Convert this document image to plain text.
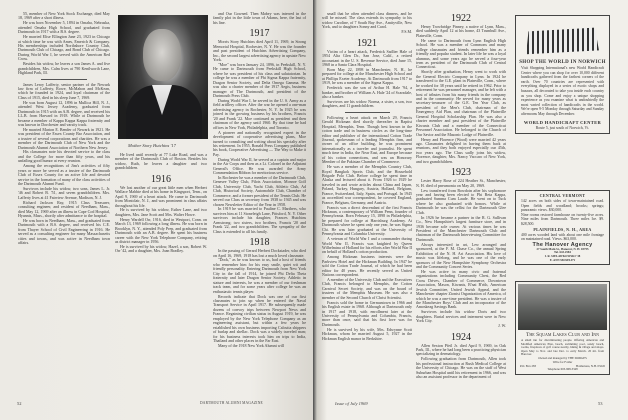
55, member of New York Stock Exchange, died May 18, 1969 after a short illness.

He was born November 5, 1894 in Omaha, Nebraska, attended Omaha High School, and graduated from Dartmouth in 1917 with a B.S. degree.

He married Elise Ellington June 23, 1923 in Chicago at which time he was with Ames, Emerich & Company. His memberships included Northshore Country Club, Dartmouth Club of Chicago, and Bond Club of Chicago. During World War I, he served with the American Red Cross.

Besides his widow, he leaves a son James A. and five grandchildren, Mrs. Calm lives at 790 Kenilworth Lane, Highland Park, Ill.

James Leroy Lafferty, senior partner of the Newark law firm of Lafferty, Rowe, McMahon and McKean, which he founded in 1924, and loyal chairman of the Class of 1915, died in his sleep June 7, 1969.

He was born August 12, 1896 in Mullica Hill, N. J., attended West Jersey Academy, graduated from Dartmouth in 1915 with an A.B. degree, and received his LL.B. from Harvard in 1918. While at Dartmouth he became a member of Kappa Kappa Kappa fraternity and was known in Dorchester and varsity track.

He married Marion E. Bender of Newark in 1921. He was president of the Essex County Bar Association, and a trustee of several corporations and charities. He was a member of the Dartmouth Club of New York and the Dartmouth Alumni Association of Northern New Jersey.

His classmates note his devoted service to the class and the College for more than fifty years, and his unfailing good humor at every reunion.

Among the recognitions of Jim's activities of fifty years or more he served as a trustee of the Dartmouth Club of Essex County for an active life and devoted service in the formation of many of the class activities of the Dartmouth Alumni Fund.

Survivors include his widow, two sons, James L. Jr. '46 and Robert B. '51, and seven grandchildren. Mrs. Lafferty lives at 41 Fairview Avenue, Madison, N. J.

Richard Jackson Ray, 1915 Class Treasurer, consulting engineer, and resident of Needham, Mass., died May 12, 1969 after an illness in Cape Cod Hospital, Hyannis, Mass., shortly after admittance to the hospital.

He was born in Needham, Mass., and graduated from Dartmouth with a B.S. degree, and received his C.E. from Thayer School of Civil Engineering in 1916. He served as a consulting engineer for many Massachusetts cities and towns, and was active in Needham town affairs.

Mother Story Hutchins '17

He lived until recently at 77 Lake Road, and was a member of the Dartmouth Club of Boston. Besides his widow, Ruth, he leaves a daughter and two grandchildren.

1916

We lost another of our great little men when Herbert Wallace Mabbie died at his home in Kingsport, Tenn., on April 9, 1969 of a heart attack. He came to Dartmouth from Montclair, N. J., and was prominent in class affairs throughout his life.

He is survived by his widow, Esther Lane, and two daughters, Mrs. Jane Scott and Mrs. Walter Howe.

Henry Wardell Orr, 1916, died in Westport, Conn. on March 13, 1969 following a long illness. He was born in Brooklyn, N. Y., attended Poly Prep, and graduated from Dartmouth with an A.B. degree. He spent his business career with the New York Telephone Company, retiring as district manager in 1956.

He is survived by his widow, Hazel, a son, Robert W. Orr '42, and a daughter, Mrs. Joan Bradley.

and Our Gowned. Then Mabey was interred in the family plot in the little town of Adams, here, the last of his line.

1917

Morris Story Hutchins died April 11, 1969, in Strong Memorial Hospital, Rochester, N. Y. He was the founder and past president of Hutchins Advertising Company, Inc., the second largest advertising agency in upstate New York.

"Moe" was born January 24, 1896, in Peekskill, N. Y. He came to Dartmouth from Peekskill High School, where he was president of his class and salutatorian. In college he was a member of Phi Sigma Kappa fraternity, Dragon Senior Society, and Delta Omega Gamma. He was also a charter member of the 1917 Aegis, business manager of The Dartmouth, and president of the Dartmouth Press Club.

During World War I, he served in the U. S. Army as a field artillery officer. After the war he opened a one-man advertising agency in Rochester, N. Y. In 1925 he was joined in the growing business by his brothers, Francis '20 and Frank '22. Moe continued as president and then chairman of the agency until 1960. By that time he had offices in New York, Philadelphia, and Toronto.

A pioneer and nationally recognized expert in the development of cooperative advertising plans, Moe turned to consulting and writing about his specialty after his retirement. In 1955, Ronald Press Company published his book, Cooperative Advertising — The Way to Make it Pay.

During World War II, he served as a captain and major in the Air Corps and then as a Lt. Colonel in the Adjutant General's Office. He was awarded the Army Commendation Ribbon for meritorious service.

In Rochester he was a member of the Dartmouth Club, Genesee Valley Club, Pilots Association, Monroe Golf Club, University Club, Yacht Club, Athletic Club, Ad Club, Historical Society, Automobile Club, Chamber of Commerce, and a former president of the Tennis Club. He served our Class as secretary from 1938 to 1945 and was chosen Newsletter Editor of the Year in 1958.

In 1919 he was married to Pauline C. Marthers, who survives him at 11 Stoneleigh Lane, Pittsford, N. Y. Other survivors include his daughter, Frances Hutchins Armstrong; two sisters, two brothers, Francis '20 and Frank '22, and two grandchildren. The sympathy of the Class is extended to all his family.

1918

In the passing of Gerard Herbert Dockstader, who died on April 16, 1969, 1918 has lost a much loved classmate.

"Dock," as he was known to us, had a host of friends who remember him for his easy smile, quiet wit and friendly personality. Entering Dartmouth from New York City in the fall of 1914, he joined Phi Delta Theta fraternity and later Dragon Senior Society. Athletic in stature and interests, he was a member of our freshman track team, and for some years after college he was an enthusiastic tennis player.

Records indicate that Dock was one of our first classmates to join up when he entered the Naval Transport Service in April 1917. He subsequently made dozens of convoy trips between Newport News and France. Regaining civilian status in August 1919, he was employed by the New York Telephone Company as an engineering assistant, but within a few years he established his own business importing Calcutta shippers of burlap and shellac. Dock was a widely traveled man; for his business interests took him on trips to India, Thailand and other places in the Far East.

Many of the 1918 New York Alumni will

52	DARTMOUTH ALUMNI MAGAZINE

small that he often attended class dinners, and he will be missed. The class extends its sympathy to his widow Caroline, of 7 South Bay Ave., Amityville, New York, and to daughters Sonny and Carol.

F.S.M.
1921

Victim of a heart attack, Frederick Sadlier Hale of 1954 Alta Glen Dr., San Jose, Calif., a retired accountant in the U. S. Revenue Service, died June 15, 1968 in a Santa Clara Hospital.

Born May 22, 1898 in Manchester, N. H., he prepared for college at the Manchester High School and at Phillips Exeter Academy. At Dartmouth from 1917 to 1919, he was a member of the Sigma Kappa.

Frederick was the son of Arthur H. Hale '94, a banker, and brother of William A. Hale '24 of Scarsdale, also a banker.

Survivors are his widow Norma, a sister, a son, two daughters, and 11 grandchildren.

Following a heart attack on March 29, Francis Gerald Hickman died shortly thereafter in Baptist Hospital, Memphis, Tenn. Though best known in the cotton trade and in business circles as the long-time editor and publisher of the international Cotton Trade Journal, spokesman of a leading Memphis firm, and owner of an office building, he was prominent internationally as a traveler and journalist. He spent much time in India, the Near East, and Europe because of his cotton connections, and was an Honorary Member of the Pakistan Chamber of Commerce.

He was a member of the Memphis Country Club, Royal Bangkok Sports Club, and the Household Brigade Polo Club. Before college he spent time in Alaska and lectured about it. From 1926 to 1929 he traveled in and wrote articles about China and Japan, Poland, Turkey, Hungary, Austria, Holland, Belgium, France, Switzerland, Italy, Spain, and Portugal. In 1945 as accredited war correspondent, he covered England, France, Belgium, Germany, and Austria.

Francis was a direct descendant of the first Francis Hickman, a contemporary of William Penn, founder of Pennsylvania. Born February 15, 1898 in Philadelphia, he prepared for college at Harrisburg Academy. At Dartmouth where he spent only one year, he was Sigma Chi. He was later graduated at the University of Pennsylvania and Columbia University.

A veteran of World War I and a commander during World War II, Francis was knighted by Queen Wilhelmina of Holland for his efforts after World War II on behalf of Holland's cotton production.

Among Hickman business interests were the Parkview Hotel and the Hickman Building. In 1947 he sold the Cotton Trade Journal, of which he had been editor for 40 years. He recently served as United Nations correspondent.

A member of the University Club and the Executives Club, Francis belonged to Memphis, the Cotton Carnival Secret Society, and was on the board of trustees of the Memphis Museum. He was also a member of the Second Church of Christ Scientist.

Francis sold the home in Germantown in 1966 and his English estate in 1968. Although at Dartmouth only in 1917 and 1918, with enrollment later at the University of Pennsylvania and Columbia, Francis, more than once, said that his first love was for Dartmouth.

He is survived by his wife, Mrs. Edwynne Scott Hickman, whom he married August 5, 1927 in the Hickman English manor in Berkshire.

1922

Henry Trowbridge Pinney, a native of Lynn, Mass., died suddenly April 12 at his home, 43 Trumbull Ave., Plainville, Conn.

He came to Dartmouth from Lynn English High School. He was a member of Commons and many college classmates and friends remember him as a friendly and popular student. In later life he was a loyal alumnus, and some years ago he served a four-year term as president of the Dartmouth Club of Central Connecticut.

Shortly after graduation, Henry went to work with the General Electric Company in Lynn. In 1924 he transferred to the G.E. plant in Plainville, Conn., where he worked for 38 years until he retired in 1962. Prior to retirement he was personnel manager, and he left with a host of tributes from his many friends in the company and in the community. He served for many years as secretary-treasurer of the G.E. Ten Year Club, as president of the Men's Club, chairman of the Emergency Aid Plan, and chairman of the Plainville General Hospital Scholarship Plan. He was also a charter member and past president of the Plainville Kiwanis Club and a member of the Connecticut Personnel Association. He belonged to the Church of Our Savior and the Masonic Lodge of Plainville.

Henry and Florence (Wood) were married 42 years ago. Classmates delighted in having them back at reunions, and they both enjoyed especially our 45th, two years ago. The Class sadly joins his widow, Florence, daughter, Mrs. Nancy Vaccaro of New York, and two grandchildren.

1923

Lester Harry Rose of 224 Heather St., Manchester, N. H. died of pneumonia on May 20, 1969.

Lew transferred from Bowdoin after his sophomore year and having been elected to Phi Beta Kappa, graduated Summa Cum Laude. He went on to Tuck where he also graduated with honors. While at Dartmouth he was the cellist for the Dartmouth Glee Club.

In 1926 he became a partner in the R. G. Sullivan Co., New Hampshire's largest furniture store, and in 1936 became sole owner. At various times he was President of the Manchester Dartmouth Club and chairman of the Dartmouth Interviewing Committee for Dartmouth.

Always interested in art, Lew arranged and sponsored, at the F. M. Chase Co., the annual Spring Exhibition of the N. H. Art Association. His love of music was lifelong, and he was one of the early sponsors of the New Hampshire Symphony Orchestra and the Community Concert Series.

He was active in many civic and fraternal organizations including Community Chest, the Red Cross Drives, Chamber of Commerce, Downtown Association, Mason, Kiwanis, B'nai B'rith, American Jewish Committee, United Jewish Appeal, and the Manchester chapter Zionist Organization of America, of which he was a one-time president. He was a trustee of the Manchester Boys' Club and an incorporator of the Amoskeag Savings Bank.

Survivors include his widow Doris and two daughters. Burial services and interment were in New York City.

J. W.
1924

Allen Sexton Pfeil Jr. died April 9, 1969, in Oak Park, Ill., where he had long been a practicing physician specializing in dermatology.

Following graduation from Dartmouth, Allen took his professional instruction at Rush Medical College at the University of Chicago. He was on the staff of West Suburban Hospital until his retirement in 1966, and was also an assistant professor in the department of

Issue of July 1969	53
SHOP THE WORLD IN NORWICH
Visit Shopping International's new World Handicraft Center where you can shop for over 10,000 different handicrafts gathered from the farthest corners of the earth. Over 70 countries are represented with everything displayed in a series of exotic shops and bazaars, all decorated to take you inside each country as you shop. Come and enjoy a unique shopping experience as you examine what is undoubtedly the most varied collection of handicrafts in the world. We're open 9-5 Monday through Saturday and Sunday afternoons May through December.
WORLD HANDICRAFT CENTER
Route 5, just south of Norwich, Vt.
CENTRAL VERMONT
142 acres on both sides of town-maintained road. Open fields and woodland; brooks; springs; panoramic views. $30,000.
Nine rooms restored farmhouse on twenty-five acres. Nine miles from Dartmouth. Three miles Ice. $9. $28,500.
PLAINFIELDS, N. H., AREA
400 acres wooded land with about one mile frontage on maintained road. Views. $63,000.
The Hanover Agency
27 South Main St., Hanover, N. H. 03755
Tel. 643-2584
I. R. SIELAWKOWSKI '38
E. ANN MOSELEY
The Squam Lakes Club and Inn
A small inn for discriminating people. Offering American and Modified American Plan, beach, swimming pool, sandy beach, rooms, fireplaces of golf course nearby, hiking & village and shops. Open May to Nov. and late Dec. to early March. 20 mi. from Hanover.
Owned and managed by THE DODGES
Write for Folder
P.O. Box 283	Holderness, N.H. 03245
Telephone 603-968-3348
